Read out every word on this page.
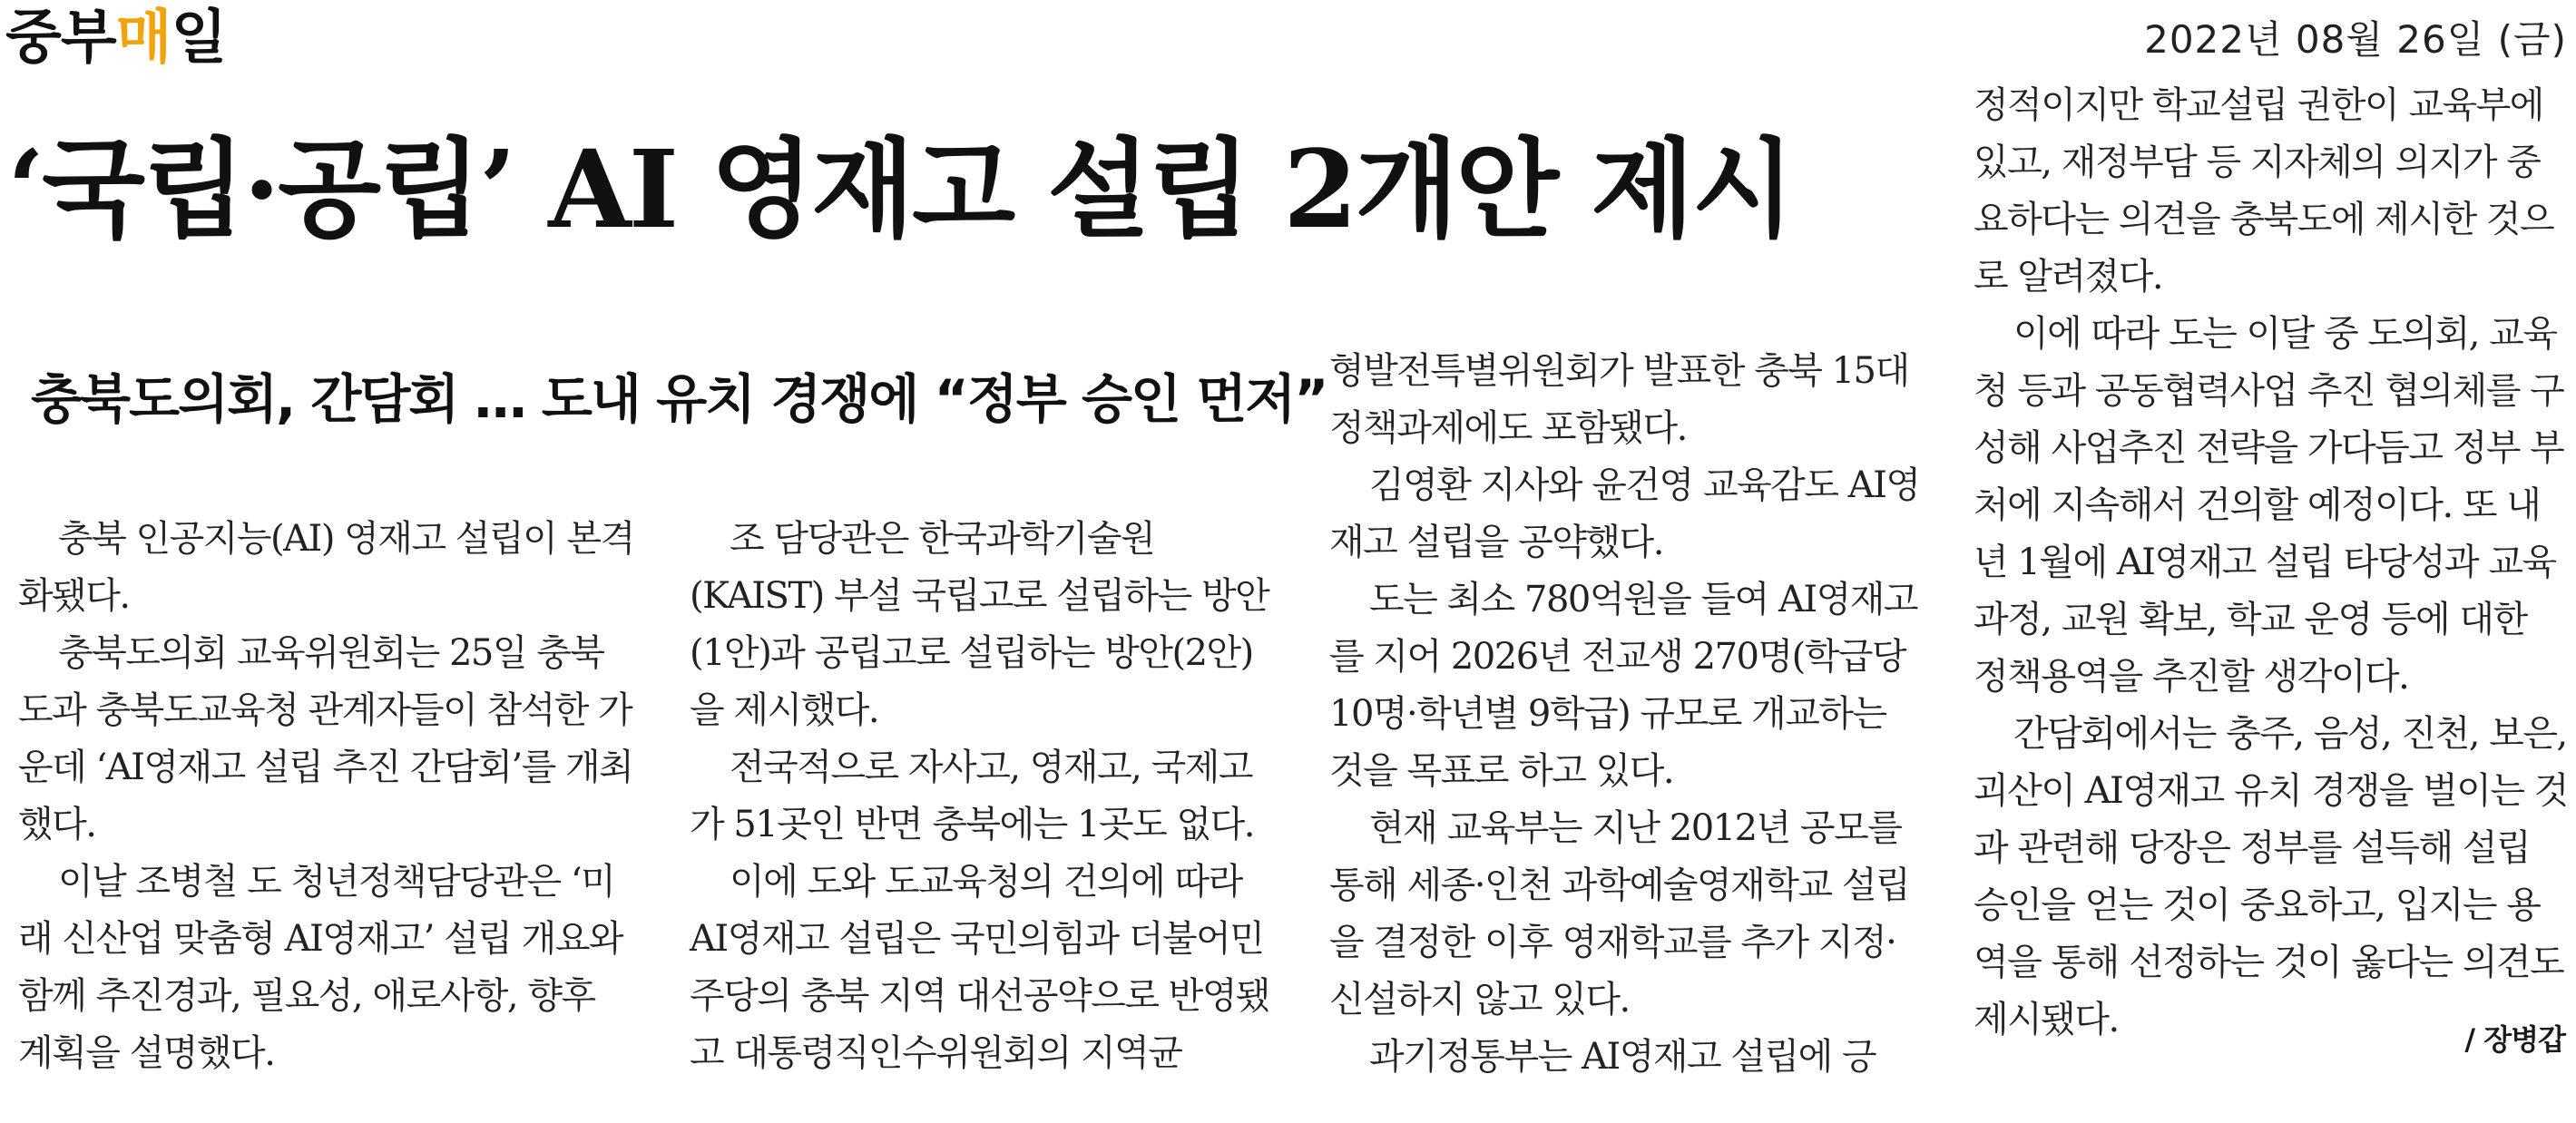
중부매일	2022년 08월 26일 (금)
‘국립·공립’ AI 영재고 설립 2개안 제시
충북도의회, 간담회 … 도내 유치 경쟁에 “정부 승인 먼저”

충북 인공지능(AI) 영재고 설립이 본격화됐다.

충북도의회 교육위원회는 25일 충북도과 충북도교육청 관계자들이 참석한 가운데 ‘AI영재고 설립 추진 간담회’를 개최했다.

이날 조병철 도 청년정책담당관은 ‘미래 신산업 맞춤형 AI영재고’ 설립 개요와 함께 추진경과, 필요성, 애로사항, 향후 계획을 설명했다.

조 담당관은 한국과학기술원(KAIST) 부설 국립고로 설립하는 방안(1안)과 공립고로 설립하는 방안(2안)을 제시했다.

전국적으로 자사고, 영재고, 국제고가 51곳인 반면 충북에는 1곳도 없다.

이에 도와 도교육청의 건의에 따라 AI영재고 설립은 국민의힘과 더불어민주당의 충북 지역 대선공약으로 반영됐고 대통령직인수위원회의 지역균

형발전특별위원회가 발표한 충북 15대 정책과제에도 포함됐다.

김영환 지사와 윤건영 교육감도 AI영재고 설립을 공약했다.

도는 최소 780억원을 들여 AI영재고를 지어 2026년 전교생 270명(학급당 10명·학년별 9학급) 규모로 개교하는 것을 목표로 하고 있다.

현재 교육부는 지난 2012년 공모를 통해 세종·인천 과학예술영재학교 설립을 결정한 이후 영재학교를 추가 지정·신설하지 않고 있다.

과기정통부는 AI영재고 설립에 긍

정적이지만 학교설립 권한이 교육부에 있고, 재정부담 등 지자체의 의지가 중요하다는 의견을 충북도에 제시한 것으로 알려졌다.

이에 따라 도는 이달 중 도의회, 교육청 등과 공동협력사업 추진 협의체를 구성해 사업추진 전략을 가다듬고 정부 부처에 지속해서 건의할 예정이다. 또 내년 1월에 AI영재고 설립 타당성과 교육과정, 교원 확보, 학교 운영 등에 대한 정책용역을 추진할 생각이다.

간담회에서는 충주, 음성, 진천, 보은, 괴산이 AI영재고 유치 경쟁을 벌이는 것과 관련해 당장은 정부를 설득해 설립 승인을 얻는 것이 중요하고, 입지는 용역을 통해 선정하는 것이 옳다는 의견도 제시됐다.	/ 장병갑
